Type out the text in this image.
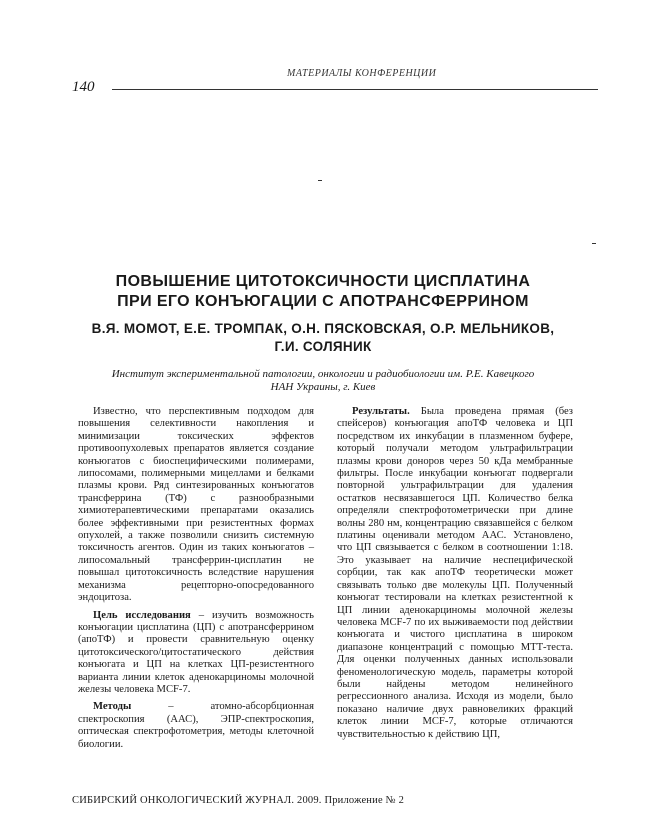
МАТЕРИАЛЫ КОНФЕРЕНЦИИ
140
ПОВЫШЕНИЕ ЦИТОТОКСИЧНОСТИ ЦИСПЛАТИНА
ПРИ ЕГО КОНЪЮГАЦИИ С АПОТРАНСФЕРРИНОМ
В.Я. МОМОТ, Е.Е. ТРОМПАК, О.Н. ПЯСКОВСКАЯ, О.Р. МЕЛЬНИКОВ,
Г.И. СОЛЯНИК
Институт экспериментальной патологии, онкологии и радиобиологии им. Р.Е. Кавецкого
НАН Украины, г. Киев

Известно, что перспективным подходом для повышения селективности накопления и минимизации токсических эффектов противоопухолевых препаратов является создание конъюгатов с биоспецифическими полимерами, липосомами, полимерными мицеллами и белками плазмы крови. Ряд синтезированных конъюгатов трансферрина (ТФ) с разнообразными химиотерапевтическими препаратами оказались более эффективными при резистентных формах опухолей, а также позволили снизить системную токсичность агентов. Один из таких конъюгатов – липосомальный трансферрин-цисплатин не повышал цитотоксичность вследствие нарушения механизма рецепторно-опосредованного эндоцитоза.

Цель исследования – изучить возможность конъюгации цисплатина (ЦП) с апотрансферрином (апоТФ) и провести сравнительную оценку цитотоксического/цитостатического действия конъюгата и ЦП на клетках ЦП-резистентного варианта линии клеток аденокарциномы молочной железы человека MCF-7.

Методы – атомно-абсорбционная спектроскопия (ААС), ЭПР-спектроскопия, оптическая спектрофотометрия, методы клеточной биологии.

Результаты. Была проведена прямая (без спейсеров) конъюгация апоТФ человека и ЦП посредством их инкубации в плазменном буфере, который получали методом ультрафильтрации плазмы крови доноров через 50 кДа мембранные фильтры. После инкубации конъюгат подвергали повторной ультрафильтрации для удаления остатков несвязавшегося ЦП. Количество белка определяли спектрофотометрически при длине волны 280 нм, концентрацию связавшейся с белком платины оценивали методом ААС. Установлено, что ЦП связывается с белком в соотношении 1:18. Это указывает на наличие неспецифической сорбции, так как апоТФ теоретически может связывать только две молекулы ЦП. Полученный конъюгат тестировали на клетках резистентной к ЦП линии аденокарциномы молочной железы человека MCF-7 по их выживаемости под действии конъюгата и чистого цисплатина в широком диапазоне концентраций с помощью МТТ-теста. Для оценки полученных данных использовали феноменологическую модель, параметры которой были найдены методом нелинейного регрессионного анализа. Исходя из модели, было показано наличие двух равновеликих фракций клеток линии MCF-7, которые отличаются чувствительностью к действию ЦП,

СИБИРСКИЙ ОНКОЛОГИЧЕСКИЙ ЖУРНАЛ. 2009. Приложение № 2
